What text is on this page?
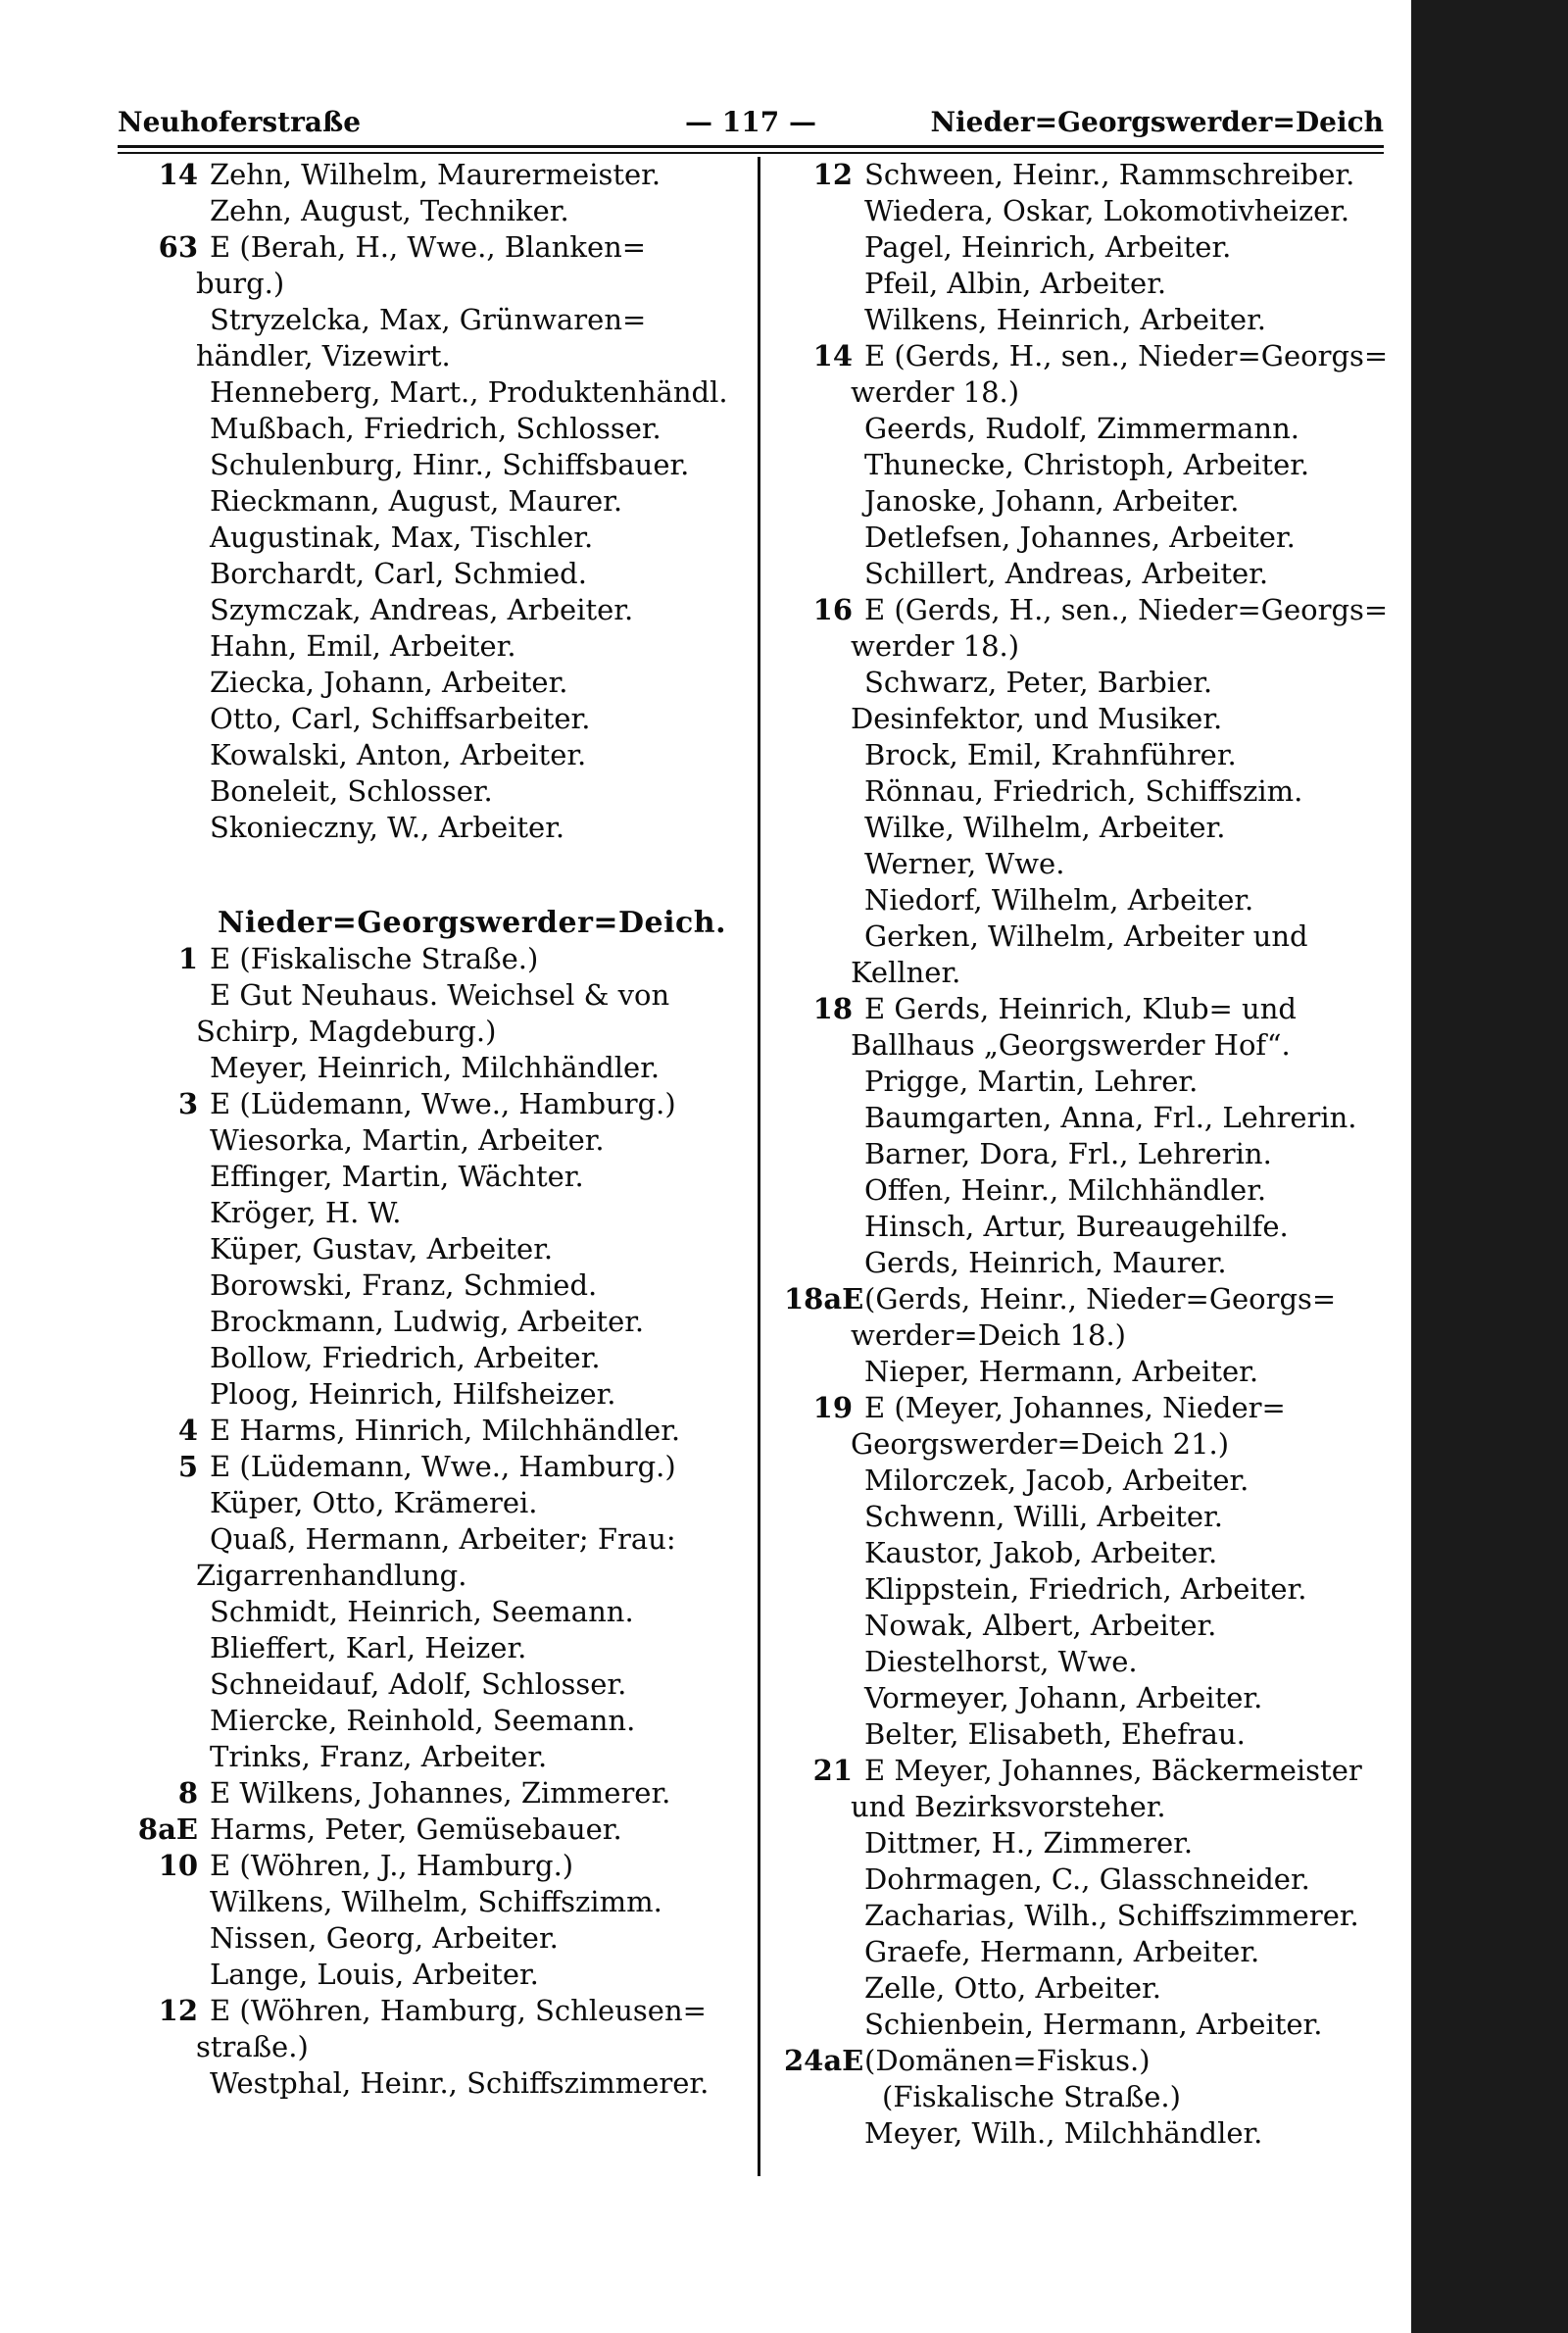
Neuhoferstraße	— 117 —	Nieder=Georgswerder=Deich
14 Zehn, Wilhelm, Maurermeister.
Zehn, August, Techniker.
63 E (Berah, H., Wwe., Blanken=
burg.)
Stryzelcka, Max, Grünwaren=
händler, Vizewirt.
Henneberg, Mart., Produktenhändl.
Mußbach, Friedrich, Schlosser.
Schulenburg, Hinr., Schiffsbauer.
Rieckmann, August, Maurer.
Augustinak, Max, Tischler.
Borchardt, Carl, Schmied.
Szymczak, Andreas, Arbeiter.
Hahn, Emil, Arbeiter.
Ziecka, Johann, Arbeiter.
Otto, Carl, Schiffsarbeiter.
Kowalski, Anton, Arbeiter.
Boneleit, Schlosser.
Skonieczny, W., Arbeiter.
Nieder=Georgswerder=Deich.
1 E (Fiskalische Straße.)
E Gut Neuhaus. Weichsel & von
Schirp, Magdeburg.)
Meyer, Heinrich, Milchhändler.
3 E (Lüdemann, Wwe., Hamburg.)
Wiesorka, Martin, Arbeiter.
Effinger, Martin, Wächter.
Kröger, H. W.
Küper, Gustav, Arbeiter.
Borowski, Franz, Schmied.
Brockmann, Ludwig, Arbeiter.
Bollow, Friedrich, Arbeiter.
Ploog, Heinrich, Hilfsheizer.
4 E Harms, Hinrich, Milchhändler.
5 E (Lüdemann, Wwe., Hamburg.)
Küper, Otto, Krämerei.
Quaß, Hermann, Arbeiter; Frau:
Zigarrenhandlung.
Schmidt, Heinrich, Seemann.
Blieffert, Karl, Heizer.
Schneidauf, Adolf, Schlosser.
Miercke, Reinhold, Seemann.
Trinks, Franz, Arbeiter.
8 E Wilkens, Johannes, Zimmerer.
8aE Harms, Peter, Gemüsebauer.
10 E (Wöhren, J., Hamburg.)
Wilkens, Wilhelm, Schiffszimm.
Nissen, Georg, Arbeiter.
Lange, Louis, Arbeiter.
12 E (Wöhren, Hamburg, Schleusen=
straße.)
Westphal, Heinr., Schiffszimmerer.
12 Schween, Heinr., Rammschreiber.
Wiedera, Oskar, Lokomotivheizer.
Pagel, Heinrich, Arbeiter.
Pfeil, Albin, Arbeiter.
Wilkens, Heinrich, Arbeiter.
14 E (Gerds, H., sen., Nieder=Georgs=
werder 18.)
Geerds, Rudolf, Zimmermann.
Thunecke, Christoph, Arbeiter.
Janoske, Johann, Arbeiter.
Detlefsen, Johannes, Arbeiter.
Schillert, Andreas, Arbeiter.
16 E (Gerds, H., sen., Nieder=Georgs=
werder 18.)
Schwarz, Peter, Barbier.
Desinfektor, und Musiker.
Brock, Emil, Krahnführer.
Rönnau, Friedrich, Schiffszim.
Wilke, Wilhelm, Arbeiter.
Werner, Wwe.
Niedorf, Wilhelm, Arbeiter.
Gerken, Wilhelm, Arbeiter und
Kellner.
18 E Gerds, Heinrich, Klub= und
Ballhaus „Georgswerder Hof“.
Prigge, Martin, Lehrer.
Baumgarten, Anna, Frl., Lehrerin.
Barner, Dora, Frl., Lehrerin.
Offen, Heinr., Milchhändler.
Hinsch, Artur, Bureaugehilfe.
Gerds, Heinrich, Maurer.
18aE (Gerds, Heinr., Nieder=Georgs=
werder=Deich 18.)
Nieper, Hermann, Arbeiter.
19 E (Meyer, Johannes, Nieder=
Georgswerder=Deich 21.)
Milorczek, Jacob, Arbeiter.
Schwenn, Willi, Arbeiter.
Kaustor, Jakob, Arbeiter.
Klippstein, Friedrich, Arbeiter.
Nowak, Albert, Arbeiter.
Diestelhorst, Wwe.
Vormeyer, Johann, Arbeiter.
Belter, Elisabeth, Ehefrau.
21 E Meyer, Johannes, Bäckermeister
und Bezirksvorsteher.
Dittmer, H., Zimmerer.
Dohrmagen, C., Glasschneider.
Zacharias, Wilh., Schiffszimmerer.
Graefe, Hermann, Arbeiter.
Zelle, Otto, Arbeiter.
Schienbein, Hermann, Arbeiter.
24aE (Domänen=Fiskus.)
(Fiskalische Straße.)
Meyer, Wilh., Milchhändler.
